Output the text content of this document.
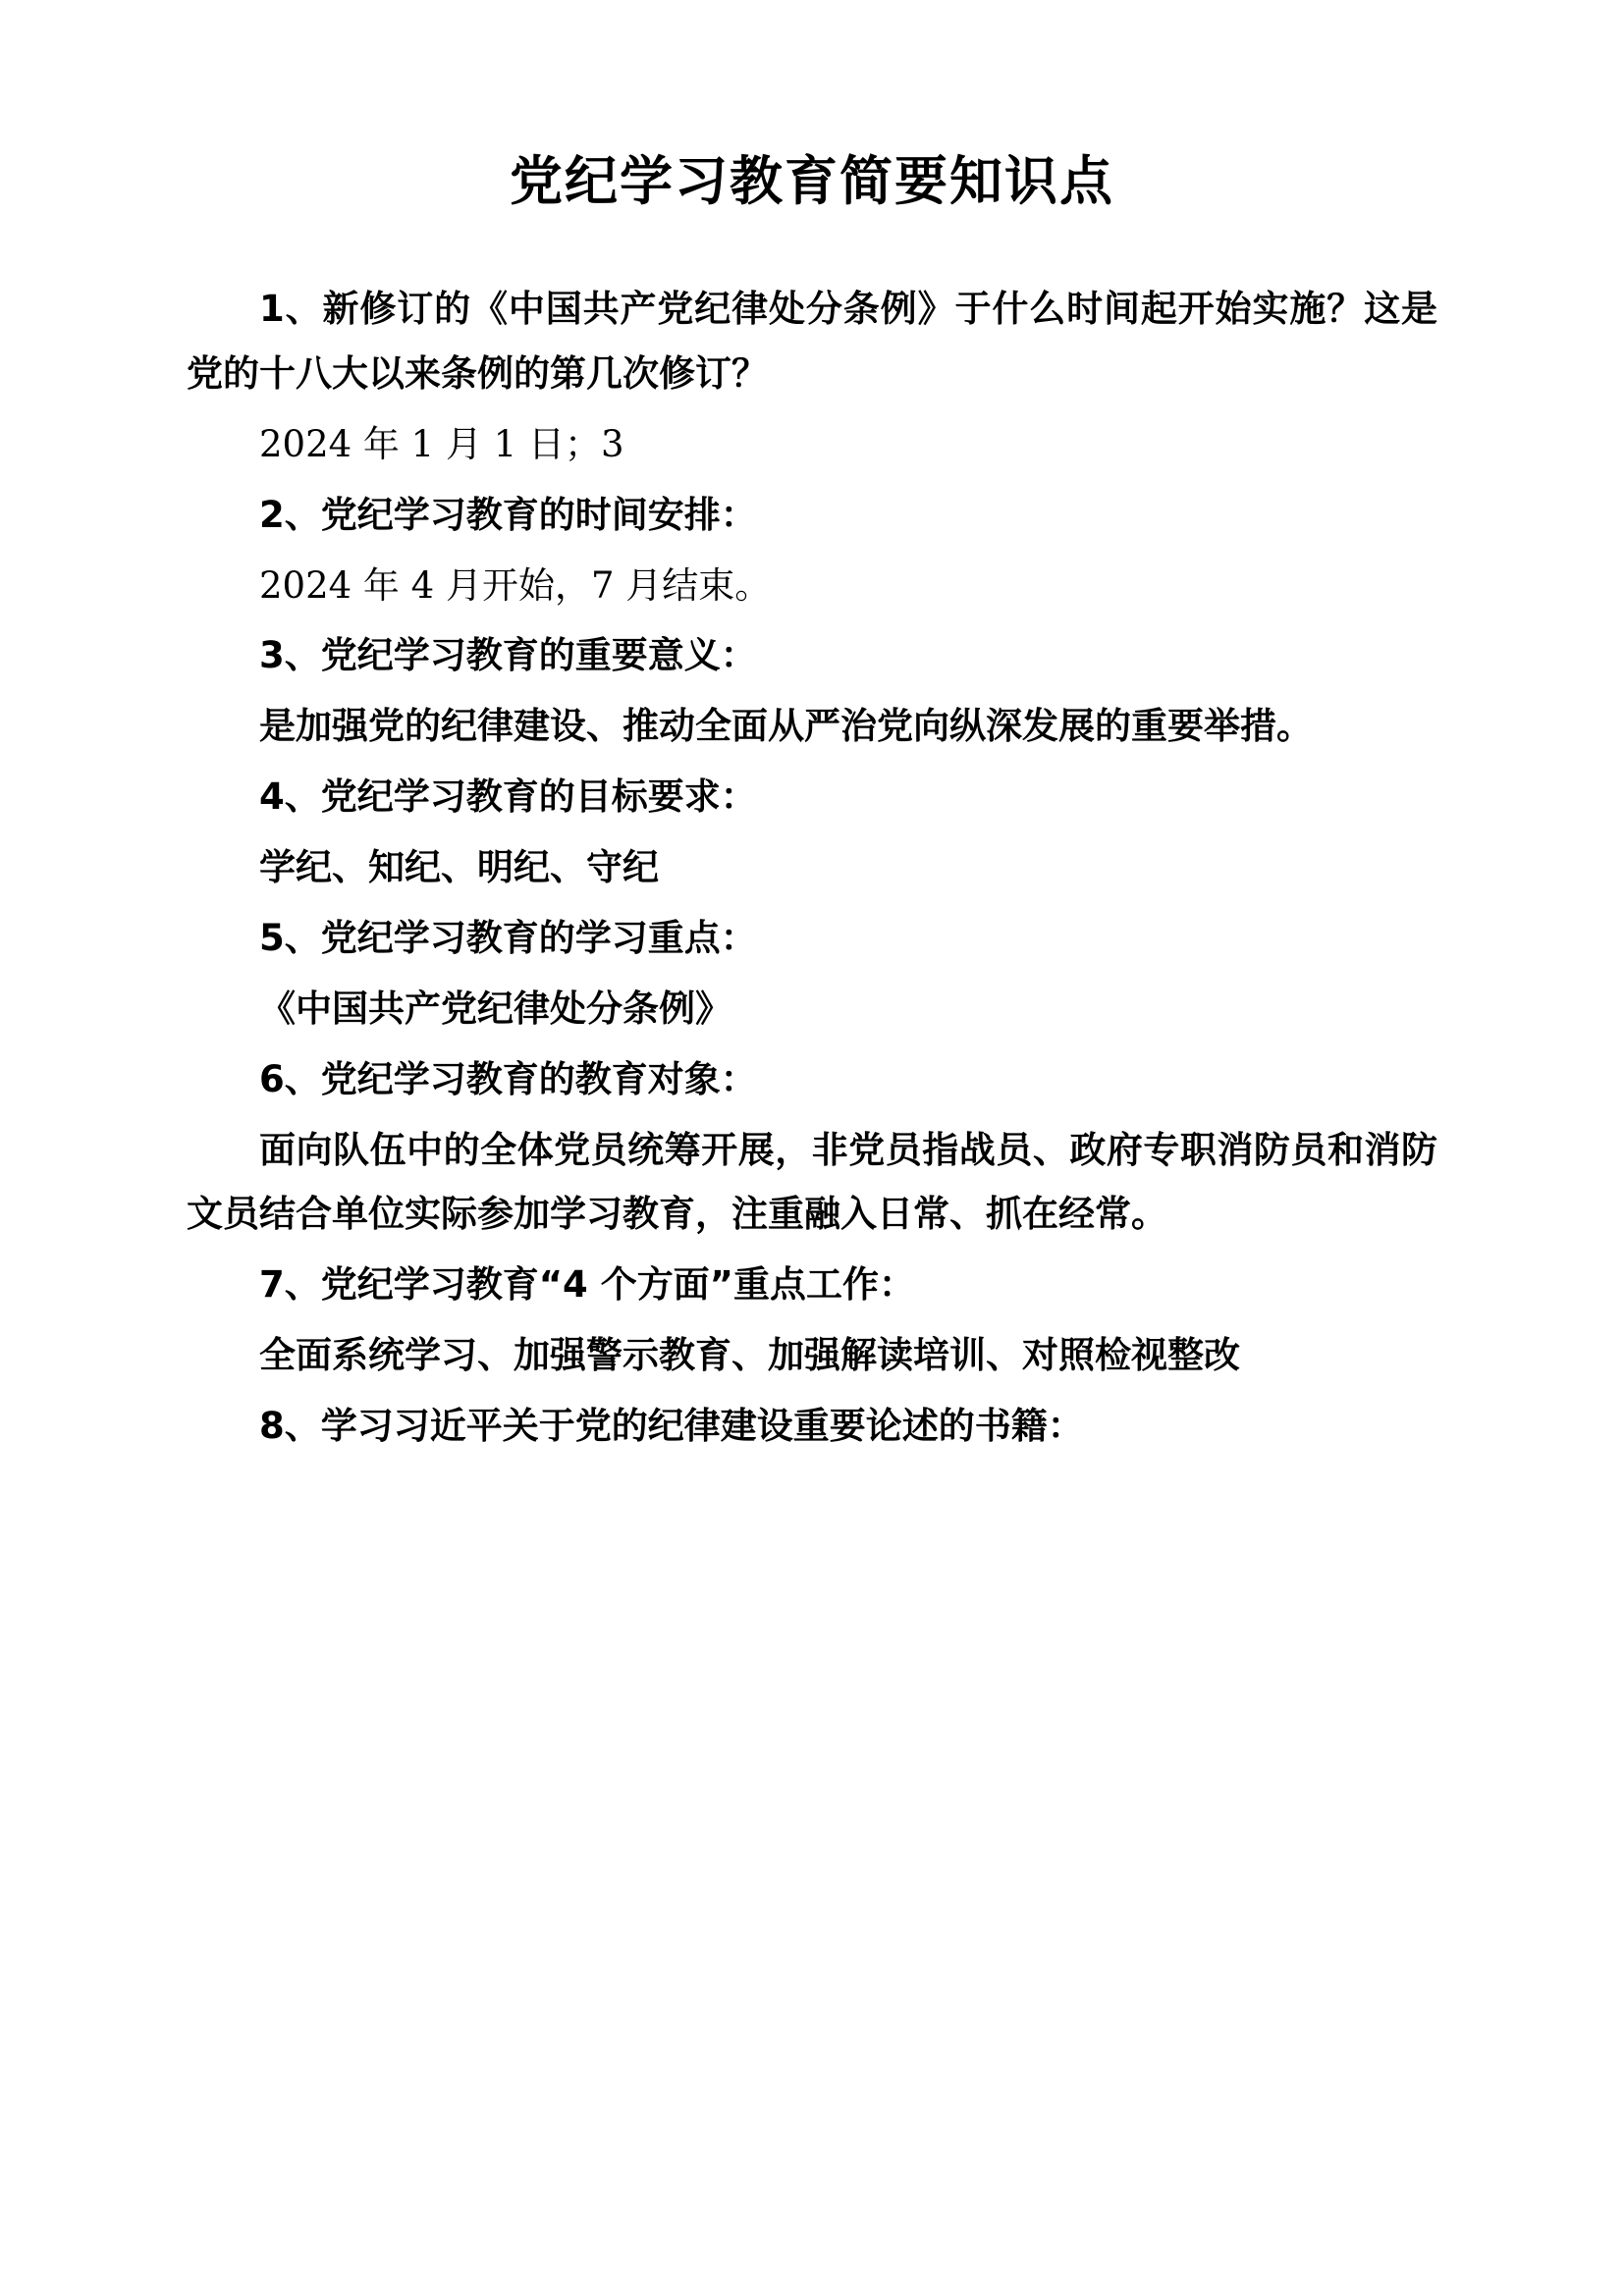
党纪学习教育简要知识点

1、新修订的《中国共产党纪律处分条例》于什么时间起开始实施？这是党的十八大以来条例的第几次修订？

2024 年 1 月 1 日；3

2、党纪学习教育的时间安排：

2024 年 4 月开始，7 月结束。

3、党纪学习教育的重要意义：

是加强党的纪律建设、推动全面从严治党向纵深发展的重要举措。

4、党纪学习教育的目标要求：

学纪、知纪、明纪、守纪

5、党纪学习教育的学习重点：

《中国共产党纪律处分条例》

6、党纪学习教育的教育对象：

面向队伍中的全体党员统筹开展，非党员指战员、政府专职消防员和消防文员结合单位实际参加学习教育，注重融入日常、抓在经常。

7、党纪学习教育“4 个方面”重点工作：

全面系统学习、加强警示教育、加强解读培训、对照检视整改

8、学习习近平关于党的纪律建设重要论述的书籍：
